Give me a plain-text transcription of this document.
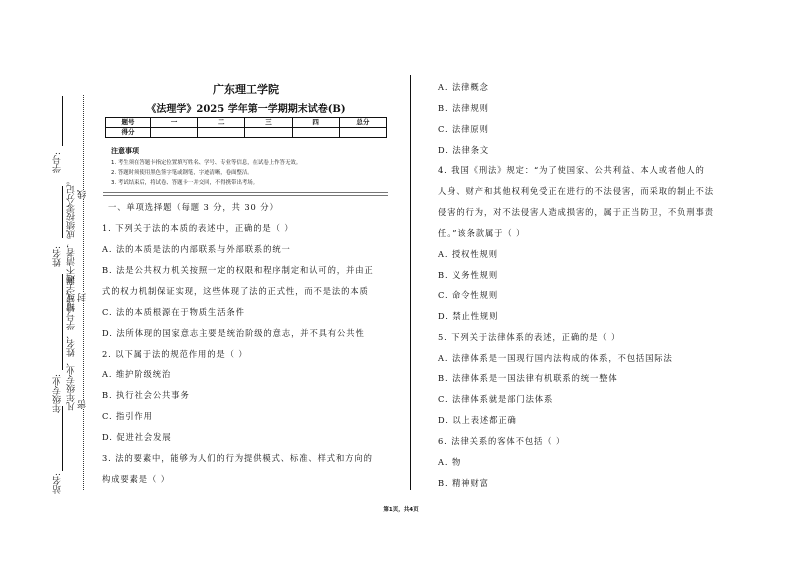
学号:
姓名:
年级专业:
站名:
写或字迹不清者，成绩按零分记。
凡年级专业、姓名、学号错写、漏
线
封
密
广东理工学院
《法理学》2025 学年第一学期期末试卷(B)
题号	一	二	三	四	总分
得分					
注意事项
1. 考生须在答题卡指定位置填写姓名、学号、专业等信息，在试卷上作答无效。
2. 答题时须使用黑色签字笔或钢笔，字迹清晰，卷面整洁。
3. 考试结束后，将试卷、答题卡一并交回，不得携带出考场。
一、单项选择题（每题 3 分，共 30 分）
1. 下列关于法的本质的表述中，正确的是（ ）
A. 法的本质是法的内部联系与外部联系的统一
B. 法是公共权力机关按照一定的权限和程序制定和认可的，并由正
式的权力机制保证实现，这些体现了法的正式性，而不是法的本质
C. 法的本质根源在于物质生活条件
D. 法所体现的国家意志主要是统治阶级的意志，并不具有公共性
2. 以下属于法的规范作用的是（ ）
A. 维护阶级统治
B. 执行社会公共事务
C. 指引作用
D. 促进社会发展
3. 法的要素中，能够为人们的行为提供模式、标准、样式和方向的
构成要素是（ ）
A. 法律概念
B. 法律规则
C. 法律原则
D. 法律条文
4. 我国《刑法》规定：“为了使国家、公共利益、本人或者他人的
人身、财产和其他权利免受正在进行的不法侵害，而采取的制止不法
侵害的行为，对不法侵害人造成损害的，属于正当防卫，不负刑事责
任。”该条款属于（ ）
A. 授权性规则
B. 义务性规则
C. 命令性规则
D. 禁止性规则
5. 下列关于法律体系的表述，正确的是（ ）
A. 法律体系是一国现行国内法构成的体系，不包括国际法
B. 法律体系是一国法律有机联系的统一整体
C. 法律体系就是部门法体系
D. 以上表述都正确
6. 法律关系的客体不包括（ ）
A. 物
B. 精神财富
第1页，共4页
